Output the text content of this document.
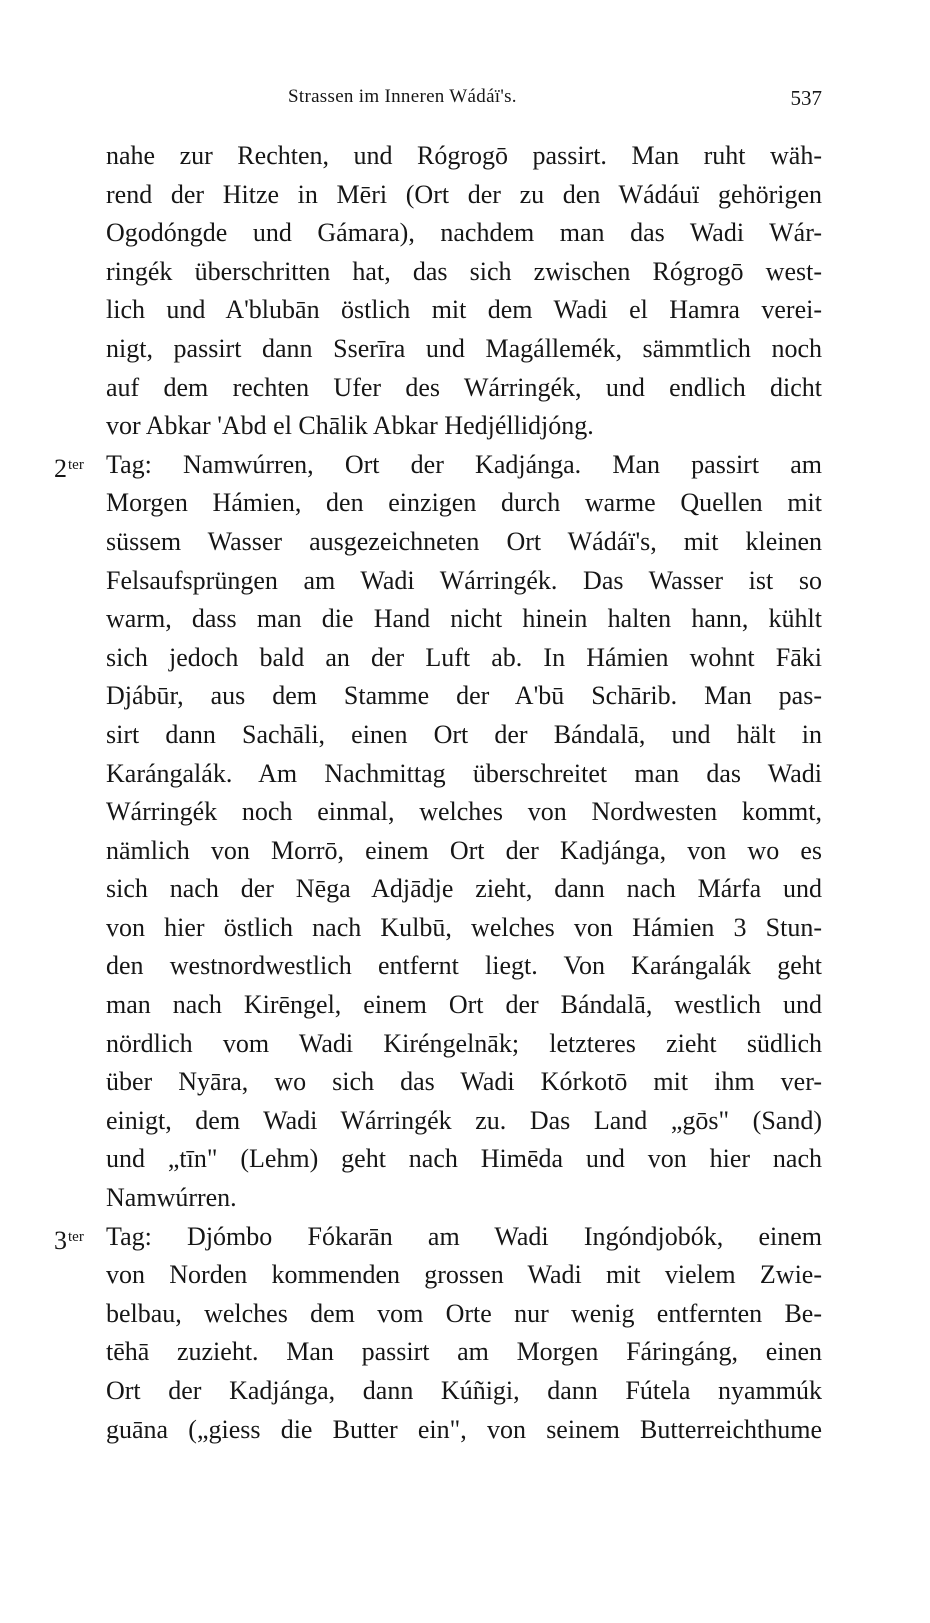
Strassen im Inneren Wádáï's.	537
nahe zur Rechten, und Rógrogō passirt. Man ruht wäh-
rend der Hitze in Mēri (Ort der zu den Wádáuï gehörigen
Ogodóngde und Gámara), nachdem man das Wadi Wár-
ringék überschritten hat, das sich zwischen Rógrogō west-
lich und A'blubān östlich mit dem Wadi el Hamra verei-
nigt, passirt dann Sserīra und Magállemék, sämmtlich noch
auf dem rechten Ufer des Wárringék, und endlich dicht
vor Abkar 'Abd el Chālik Abkar Hedjéllidjóng.
$2^{ter}$ Tag: Namwúrren, Ort der Kadjánga. Man passirt am
Morgen Hámien, den einzigen durch warme Quellen mit
süssem Wasser ausgezeichneten Ort Wádáï's, mit kleinen
Felsaufsprüngen am Wadi Wárringék. Das Wasser ist so
warm, dass man die Hand nicht hinein halten hann, kühlt
sich jedoch bald an der Luft ab. In Hámien wohnt Fāki
Djábūr, aus dem Stamme der A'bū Schārib. Man pas-
sirt dann Sachāli, einen Ort der Bándalā, und hält in
Karángalák. Am Nachmittag überschreitet man das Wadi
Wárringék noch einmal, welches von Nordwesten kommt,
nämlich von Morrō, einem Ort der Kadjánga, von wo es
sich nach der Nēga Adjādje zieht, dann nach Márfa und
von hier östlich nach Kulbū, welches von Hámien 3 Stun-
den westnordwestlich entfernt liegt. Von Karángalák geht
man nach Kirēngel, einem Ort der Bándalā, westlich und
nördlich vom Wadi Kiréngelnāk; letzteres zieht südlich
über Nyāra, wo sich das Wadi Kórkotō mit ihm ver-
einigt, dem Wadi Wárringék zu. Das Land „gōs" (Sand)
und „tīn" (Lehm) geht nach Himēda und von hier nach
Namwúrren.
$3^{ter}$ Tag: Djómbo Fókarān am Wadi Ingóndjobók, einem
von Norden kommenden grossen Wadi mit vielem Zwie-
belbau, welches dem vom Orte nur wenig entfernten Be-
tēhā zuzieht. Man passirt am Morgen Fáringáng, einen
Ort der Kadjánga, dann Kúñigi, dann Fútela nyammúk
guāna („giess die Butter ein", von seinem Butterreichthume
